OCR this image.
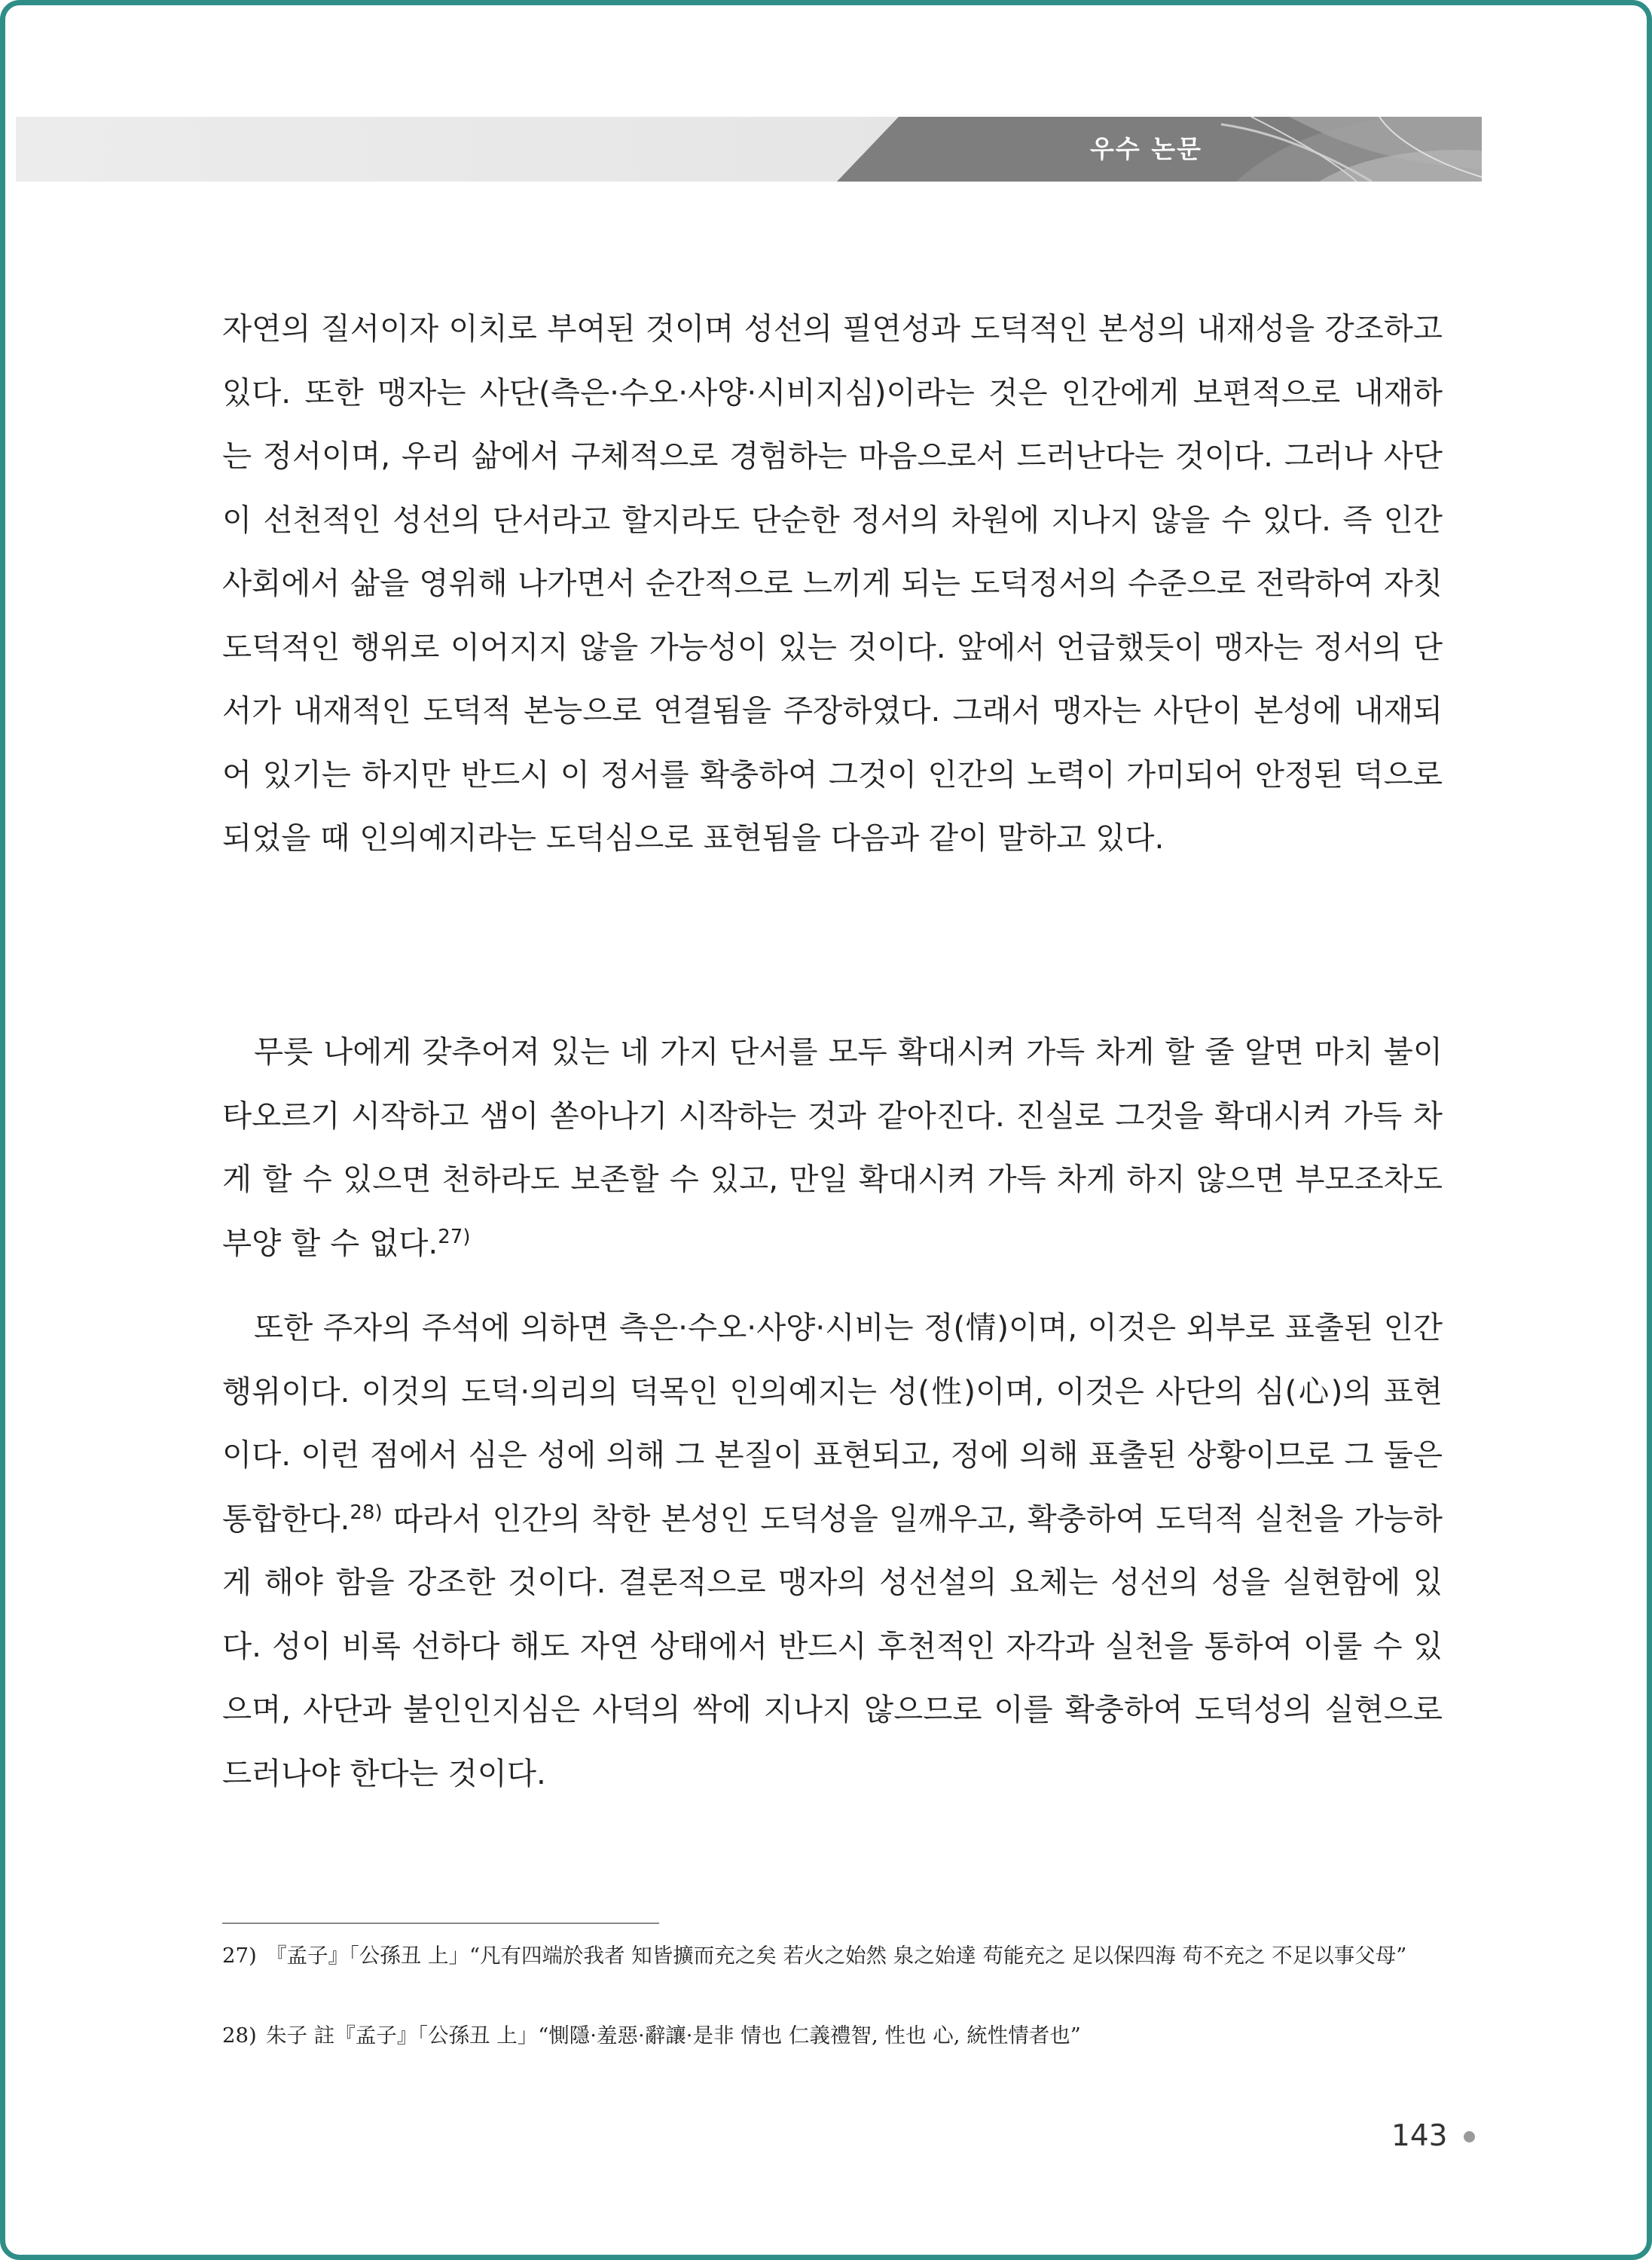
우수 논문

자연의 질서이자 이치로 부여된 것이며 성선의 필연성과 도덕적인 본성의 내재성을 강조하고 있다. 또한 맹자는 사단(측은·수오·사양·시비지심)이라는 것은 인간에게 보편적으로 내재하는 정서이며, 우리 삶에서 구체적으로 경험하는 마음으로서 드러난다는 것이다. 그러나 사단이 선천적인 성선의 단서라고 할지라도 단순한 정서의 차원에 지나지 않을 수 있다. 즉 인간사회에서 삶을 영위해 나가면서 순간적으로 느끼게 되는 도덕정서의 수준으로 전락하여 자칫 도덕적인 행위로 이어지지 않을 가능성이 있는 것이다. 앞에서 언급했듯이 맹자는 정서의 단서가 내재적인 도덕적 본능으로 연결됨을 주장하였다. 그래서 맹자는 사단이 본성에 내재되어 있기는 하지만 반드시 이 정서를 확충하여 그것이 인간의 노력이 가미되어 안정된 덕으로 되었을 때 인의예지라는 도덕심으로 표현됨을 다음과 같이 말하고 있다.

무릇 나에게 갖추어져 있는 네 가지 단서를 모두 확대시켜 가득 차게 할 줄 알면 마치 불이 타오르기 시작하고 샘이 쏟아나기 시작하는 것과 같아진다. 진실로 그것을 확대시켜 가득 차게 할 수 있으면 천하라도 보존할 수 있고, 만일 확대시켜 가득 차게 하지 않으면 부모조차도 부양 할 수 없다.$^{27)}$

또한 주자의 주석에 의하면 측은·수오·사양·시비는 정(情)이며, 이것은 외부로 표출된 인간행위이다. 이것의 도덕·의리의 덕목인 인의예지는 성(性)이며, 이것은 사단의 심(心)의 표현이다. 이런 점에서 심은 성에 의해 그 본질이 표현되고, 정에 의해 표출된 상황이므로 그 둘은 통합한다.$^{28)}$ 따라서 인간의 착한 본성인 도덕성을 일깨우고, 확충하여 도덕적 실천을 가능하게 해야 함을 강조한 것이다. 결론적으로 맹자의 성선설의 요체는 성선의 성을 실현함에 있다. 성이 비록 선하다 해도 자연 상태에서 반드시 후천적인 자각과 실천을 통하여 이룰 수 있으며, 사단과 불인인지심은 사덕의 싹에 지나지 않으므로 이를 확충하여 도덕성의 실현으로 드러나야 한다는 것이다.

27) 『孟子』「公孫丑 上」“凡有四端於我者 知皆擴而充之矣 若火之始然 泉之始達 苟能充之 足以保四海 苟不充之 不足以事父母”
28) 朱子 註『孟子』「公孫丑 上」“惻隱·羞惡·辭讓·是非 情也 仁義禮智, 性也 心, 統性情者也”
143
